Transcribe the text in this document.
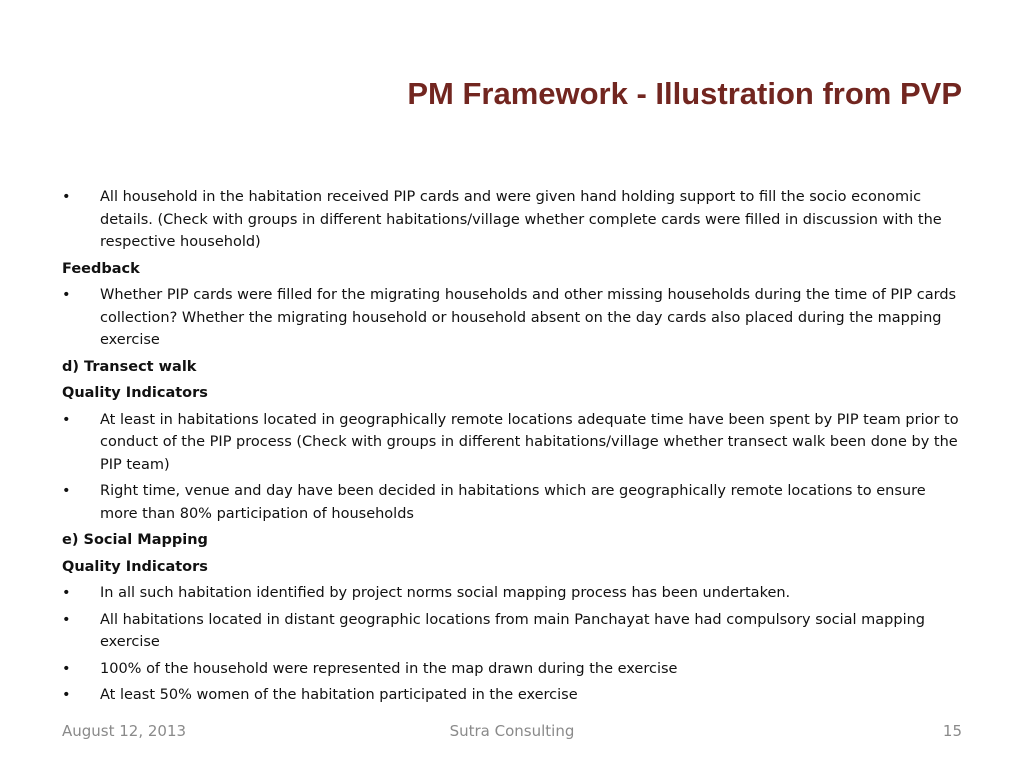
PM Framework - Illustration from PVP

• All household in the habitation received PIP cards and were given hand holding support to fill the socio economic details. (Check with groups in different habitations/village whether complete cards were filled in discussion with the respective household)

Feedback

• Whether PIP cards were filled for the migrating households and other missing households during the time of PIP cards collection? Whether the migrating household or household absent on the day cards also placed during the mapping exercise

d) Transect walk

Quality Indicators

• At least in habitations located in geographically remote locations adequate time have been spent by PIP team prior to conduct of the PIP process (Check with groups in different habitations/village whether transect walk been done by the PIP team)

• Right time, venue and day have been decided in habitations which are geographically remote locations to ensure more than 80% participation of households

e) Social Mapping

Quality Indicators

• In all such habitation identified by project norms social mapping process has been undertaken.

• All habitations located in distant geographic locations from main Panchayat have had compulsory social mapping exercise

• 100% of the household were represented in the map drawn during the exercise

• At least 50% women of the habitation participated in the exercise

August 12, 2013	Sutra Consulting	15
